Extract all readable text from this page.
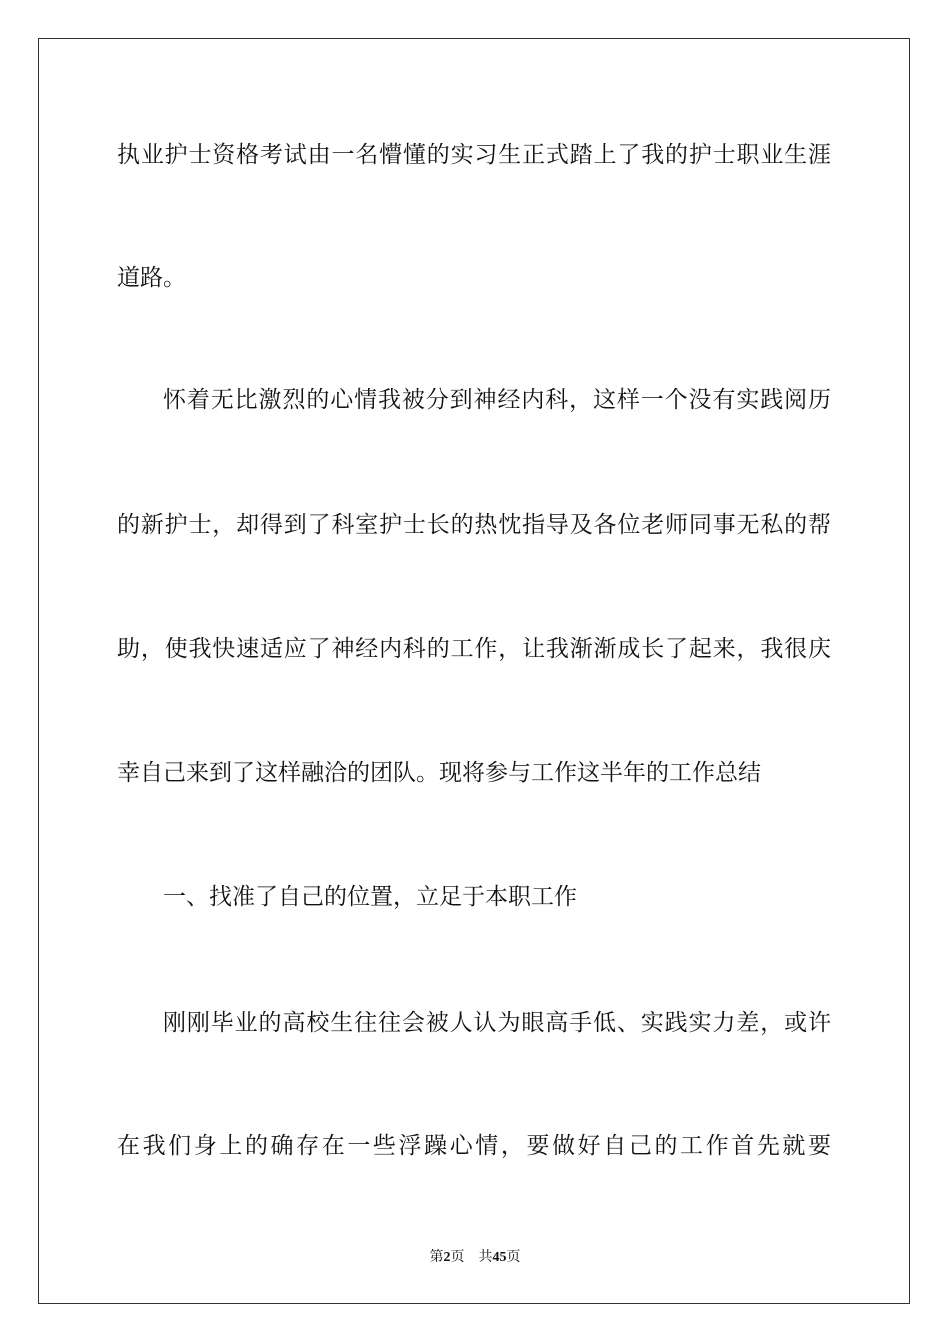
执业护士资格考试由一名懵懂的实习生正式踏上了我的护士职业生涯
道路。
怀着无比激烈的心情我被分到神经内科，这样一个没有实践阅历
的新护士，却得到了科室护士长的热忱指导及各位老师同事无私的帮
助，使我快速适应了神经内科的工作，让我渐渐成长了起来，我很庆
幸自己来到了这样融洽的团队。现将参与工作这半年的工作总结
一、找准了自己的位置，立足于本职工作
刚刚毕业的高校生往往会被人认为眼高手低、实践实力差，或许
在我们身上的确存在一些浮躁心情，要做好自己的工作首先就要
第2页 共45页
